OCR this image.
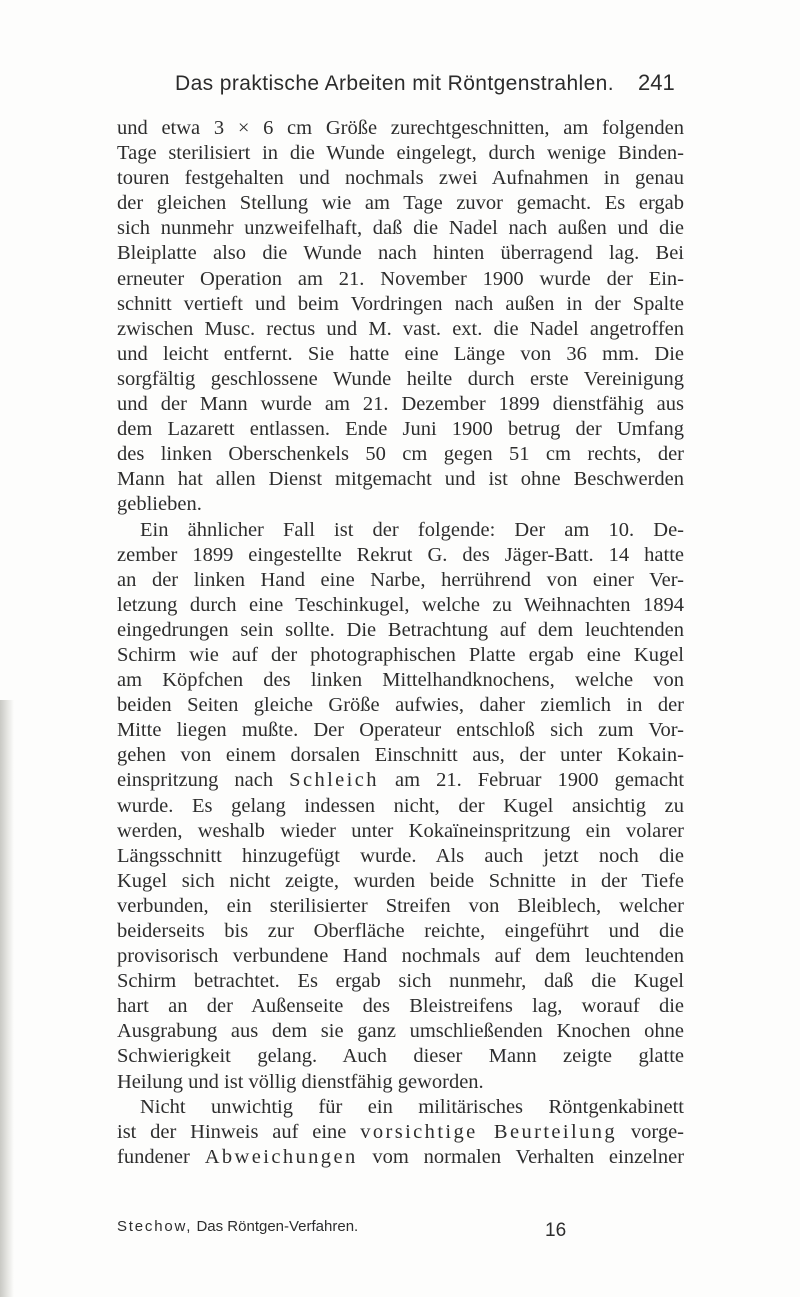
Das praktische Arbeiten mit Röntgenstrahlen. 241
und etwa 3 × 6 cm Größe zurechtgeschnitten, am folgenden
Tage sterilisiert in die Wunde eingelegt, durch wenige Binden-
touren festgehalten und nochmals zwei Aufnahmen in genau
der gleichen Stellung wie am Tage zuvor gemacht. Es ergab
sich nunmehr unzweifelhaft, daß die Nadel nach außen und die
Bleiplatte also die Wunde nach hinten überragend lag. Bei
erneuter Operation am 21. November 1900 wurde der Ein-
schnitt vertieft und beim Vordringen nach außen in der Spalte
zwischen Musc. rectus und M. vast. ext. die Nadel angetroffen
und leicht entfernt. Sie hatte eine Länge von 36 mm. Die
sorgfältig geschlossene Wunde heilte durch erste Vereinigung
und der Mann wurde am 21. Dezember 1899 dienstfähig aus
dem Lazarett entlassen. Ende Juni 1900 betrug der Umfang
des linken Oberschenkels 50 cm gegen 51 cm rechts, der
Mann hat allen Dienst mitgemacht und ist ohne Beschwerden
geblieben.
Ein ähnlicher Fall ist der folgende: Der am 10. De-
zember 1899 eingestellte Rekrut G. des Jäger-Batt. 14 hatte
an der linken Hand eine Narbe, herrührend von einer Ver-
letzung durch eine Teschinkugel, welche zu Weihnachten 1894
eingedrungen sein sollte. Die Betrachtung auf dem leuchtenden
Schirm wie auf der photographischen Platte ergab eine Kugel
am Köpfchen des linken Mittelhandknochens, welche von
beiden Seiten gleiche Größe aufwies, daher ziemlich in der
Mitte liegen mußte. Der Operateur entschloß sich zum Vor-
gehen von einem dorsalen Einschnitt aus, der unter Kokain-
einspritzung nach Schleich am 21. Februar 1900 gemacht
wurde. Es gelang indessen nicht, der Kugel ansichtig zu
werden, weshalb wieder unter Kokaïneinspritzung ein volarer
Längsschnitt hinzugefügt wurde. Als auch jetzt noch die
Kugel sich nicht zeigte, wurden beide Schnitte in der Tiefe
verbunden, ein sterilisierter Streifen von Bleiblech, welcher
beiderseits bis zur Oberfläche reichte, eingeführt und die
provisorisch verbundene Hand nochmals auf dem leuchtenden
Schirm betrachtet. Es ergab sich nunmehr, daß die Kugel
hart an der Außenseite des Bleistreifens lag, worauf die
Ausgrabung aus dem sie ganz umschließenden Knochen ohne
Schwierigkeit gelang. Auch dieser Mann zeigte glatte
Heilung und ist völlig dienstfähig geworden.
Nicht unwichtig für ein militärisches Röntgenkabinett
ist der Hinweis auf eine vorsichtige Beurteilung vorge-
fundener Abweichungen vom normalen Verhalten einzelner
Stechow, Das Röntgen-Verfahren.	16
